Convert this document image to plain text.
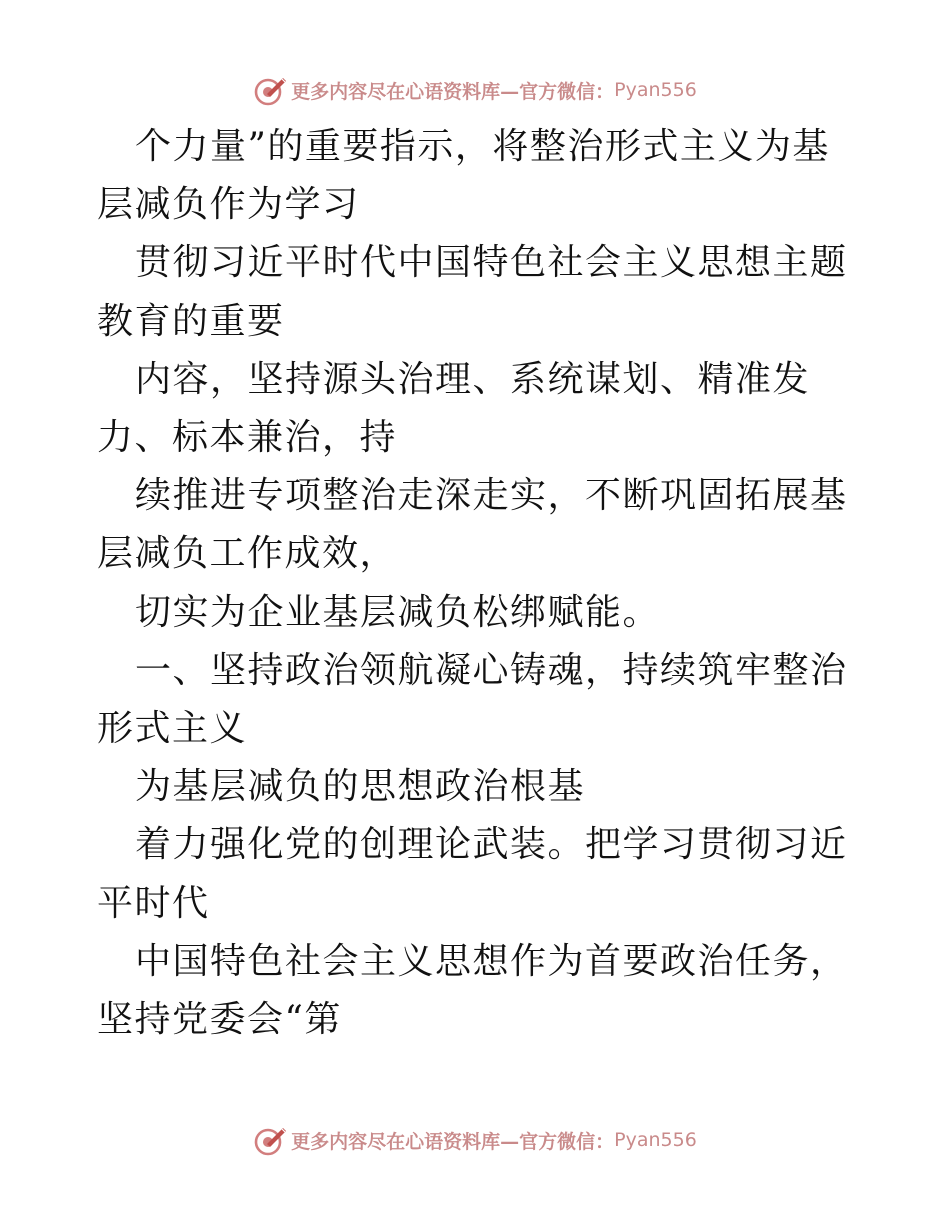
更多内容尽在心语资料库—官方微信： Pyan556

个力量”的重要指示，将整治形式主义为基层减负作为学习

贯彻习近平时代中国特色社会主义思想主题教育的重要

内容，坚持源头治理、系统谋划、精准发力、标本兼治，持

续推进专项整治走深走实，不断巩固拓展基层减负工作成效，

切实为企业基层减负松绑赋能。

一、坚持政治领航凝心铸魂，持续筑牢整治形式主义

为基层减负的思想政治根基

着力强化党的创理论武装。把学习贯彻习近平时代

中国特色社会主义思想作为首要政治任务，坚持党委会“第

更多内容尽在心语资料库—官方微信： Pyan556
